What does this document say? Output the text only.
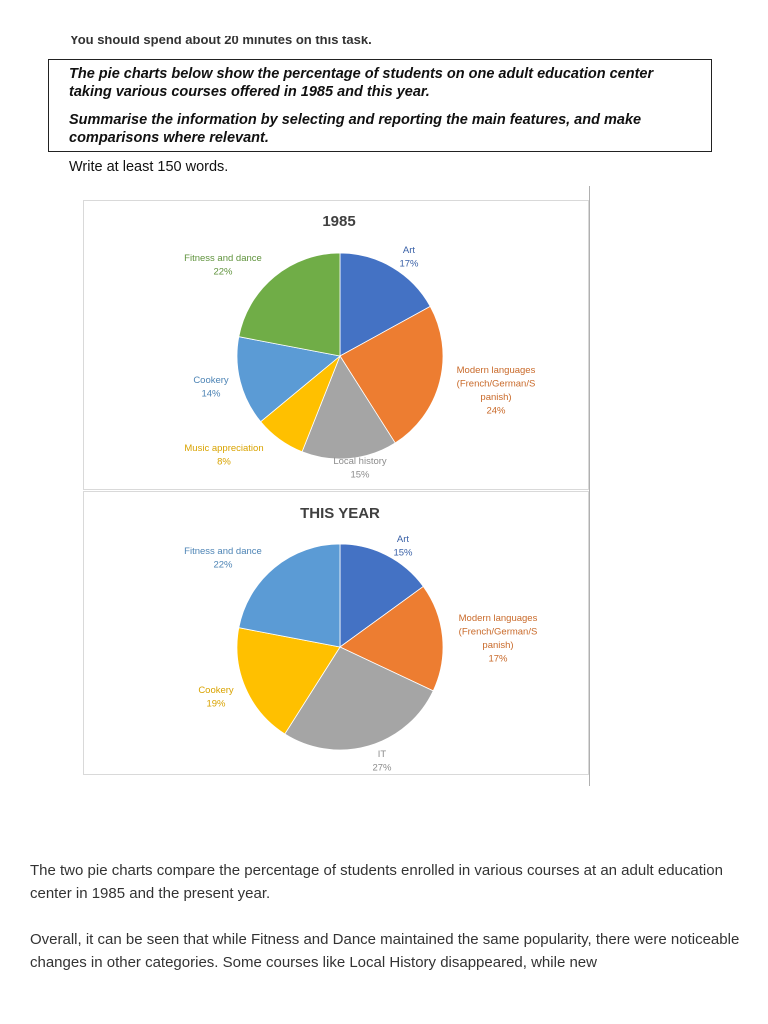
You should spend about 20 minutes on this task.

The pie charts below show the percentage of students on one adult education center taking various courses offered in 1985 and this year.

Summarise the information by selecting and reporting the main features, and make comparisons where relevant.

Write at least 150 words.

1985
Art 17%
Modern languages (French/German/S panish) 24%
Local history 15%
Music appreciation 8%
Cookery 14%
Fitness and dance 22%
THIS YEAR
Art 15%
Modern languages (French/German/S panish) 17%
IT 27%
Cookery 19%
Fitness and dance 22%

The two pie charts compare the percentage of students enrolled in various courses at an adult education center in 1985 and the present year.

Overall, it can be seen that while Fitness and Dance maintained the same popularity, there were noticeable changes in other categories. Some courses like Local History disappeared, while new
